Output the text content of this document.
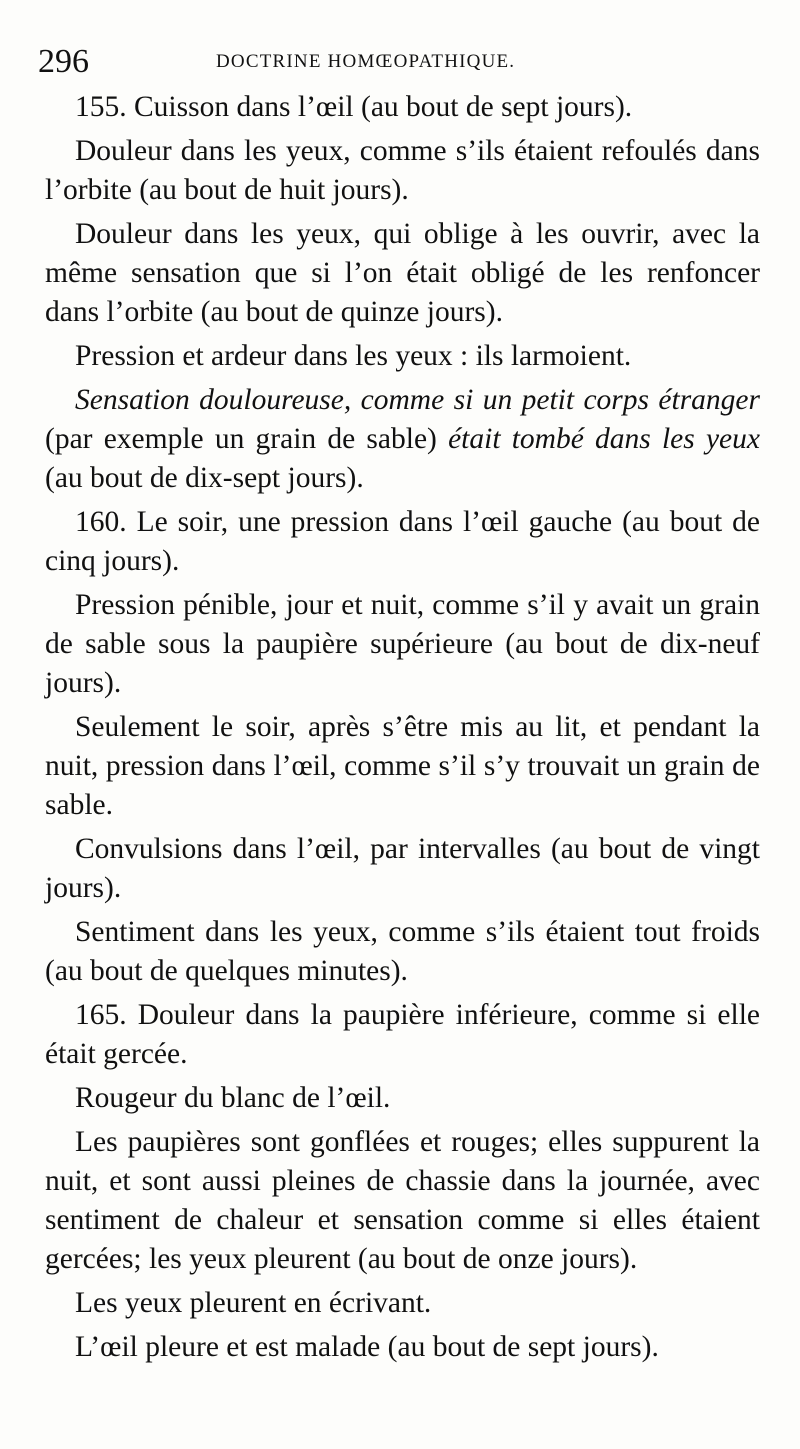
296	DOCTRINE HOMŒOPATHIQUE.

155. Cuisson dans l’œil (au bout de sept jours).

Douleur dans les yeux, comme s’ils étaient refoulés dans l’orbite (au bout de huit jours).

Douleur dans les yeux, qui oblige à les ouvrir, avec la même sensation que si l’on était obligé de les renfoncer dans l’orbite (au bout de quinze jours).

Pression et ardeur dans les yeux : ils larmoient.

Sensation douloureuse, comme si un petit corps étranger (par exemple un grain de sable) était tombé dans les yeux (au bout de dix-sept jours).

160. Le soir, une pression dans l’œil gauche (au bout de cinq jours).

Pression pénible, jour et nuit, comme s’il y avait un grain de sable sous la paupière supérieure (au bout de dix-neuf jours).

Seulement le soir, après s’être mis au lit, et pendant la nuit, pression dans l’œil, comme s’il s’y trouvait un grain de sable.

Convulsions dans l’œil, par intervalles (au bout de vingt jours).

Sentiment dans les yeux, comme s’ils étaient tout froids (au bout de quelques minutes).

165. Douleur dans la paupière inférieure, comme si elle était gercée.

Rougeur du blanc de l’œil.

Les paupières sont gonflées et rouges; elles suppurent la nuit, et sont aussi pleines de chassie dans la journée, avec sentiment de chaleur et sensation comme si elles étaient gercées; les yeux pleurent (au bout de onze jours).

Les yeux pleurent en écrivant.

L’œil pleure et est malade (au bout de sept jours).
